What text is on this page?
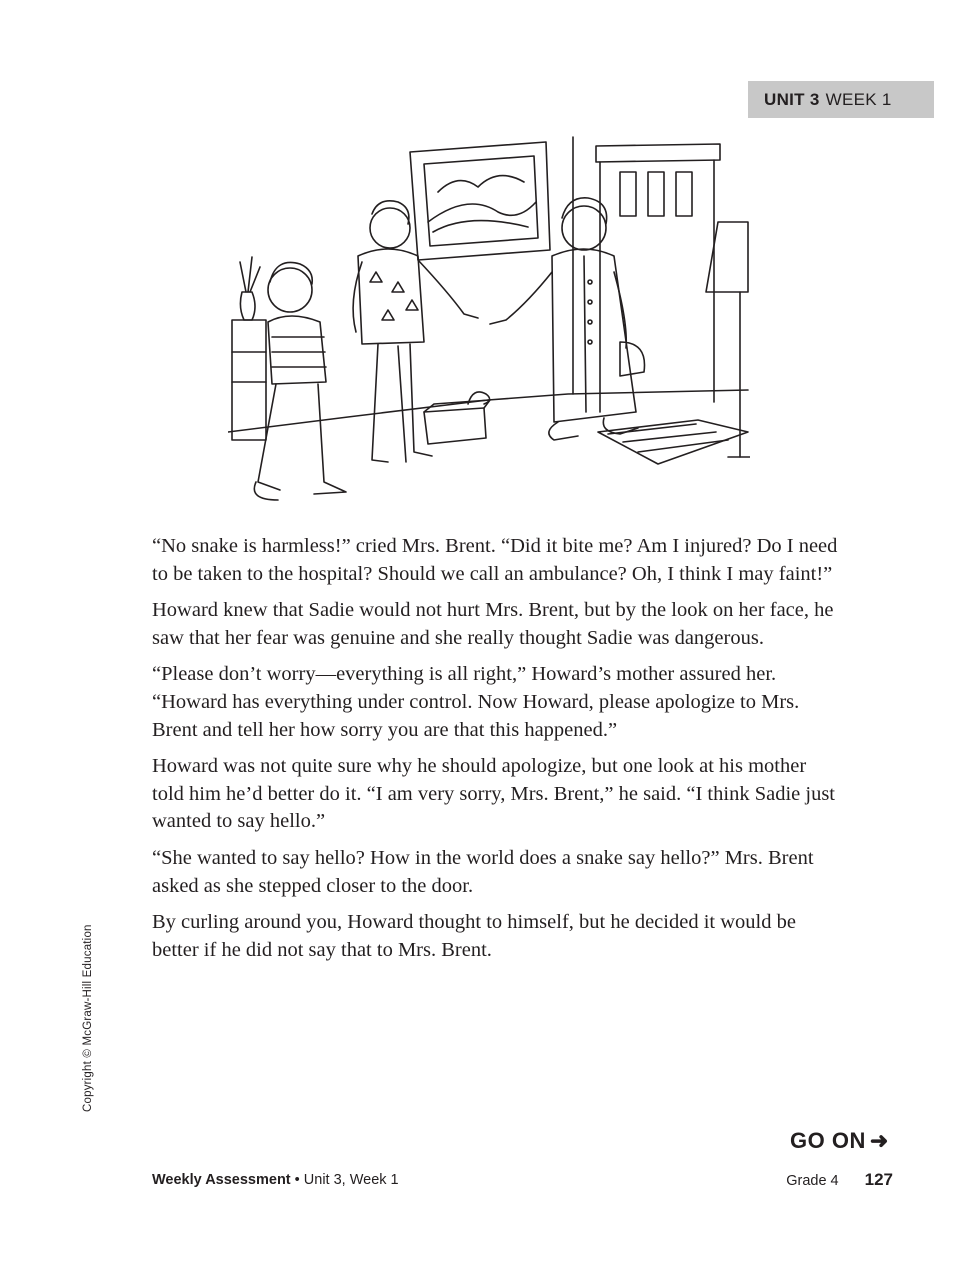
UNIT 3 WEEK 1

“No snake is harmless!” cried Mrs. Brent. “Did it bite me? Am I injured? Do I need to be taken to the hospital? Should we call an ambulance? Oh, I think I may faint!”

Howard knew that Sadie would not hurt Mrs. Brent, but by the look on her face, he saw that her fear was genuine and she really thought Sadie was dangerous.

“Please don’t worry—everything is all right,” Howard’s mother assured her. “Howard has everything under control. Now Howard, please apologize to Mrs. Brent and tell her how sorry you are that this happened.”

Howard was not quite sure why he should apologize, but one look at his mother told him he’d better do it. “I am very sorry, Mrs. Brent,” he said. “I think Sadie just wanted to say hello.”

“She wanted to say hello? How in the world does a snake say hello?” Mrs. Brent asked as she stepped closer to the door.

By curling around you, Howard thought to himself, but he decided it would be better if he did not say that to Mrs. Brent.

Copyright © McGraw-Hill Education
GO ON ➜
Weekly Assessment • Unit 3, Week 1	Grade 4 127
